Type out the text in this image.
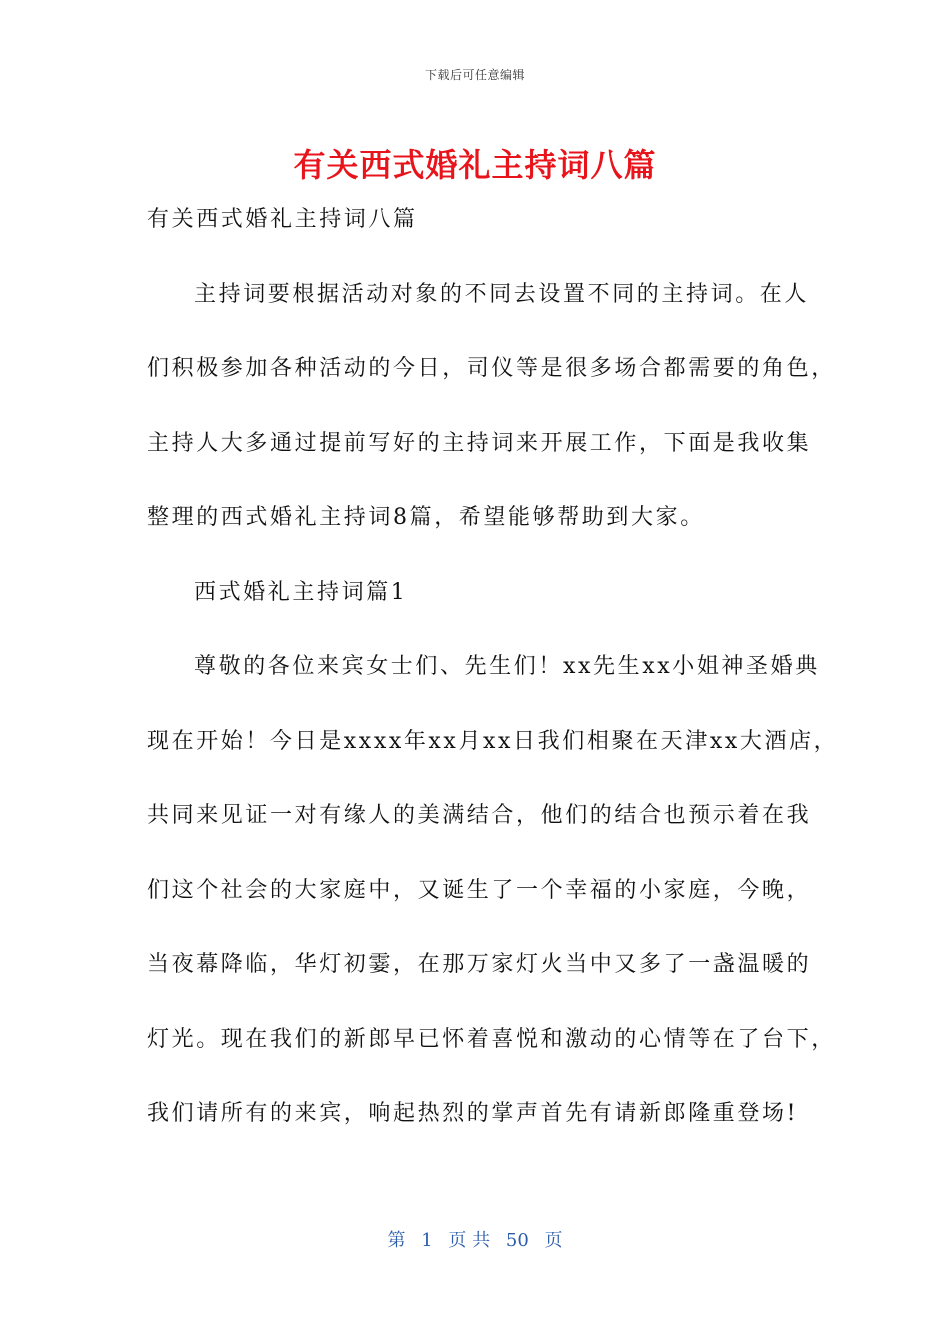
下载后可任意编辑
有关西式婚礼主持词八篇
有关西式婚礼主持词八篇
主持词要根据活动对象的不同去设置不同的主持词。在人
们积极参加各种活动的今日，司仪等是很多场合都需要的角色，
主持人大多通过提前写好的主持词来开展工作，下面是我收集
整理的西式婚礼主持词8篇，希望能够帮助到大家。
西式婚礼主持词篇1
尊敬的各位来宾女士们、先生们！xx先生xx小姐神圣婚典
现在开始！今日是xxxx年xx月xx日我们相聚在天津xx大酒店，
共同来见证一对有缘人的美满结合，他们的结合也预示着在我
们这个社会的大家庭中，又诞生了一个幸福的小家庭，今晚，
当夜幕降临，华灯初霎，在那万家灯火当中又多了一盏温暖的
灯光。现在我们的新郎早已怀着喜悦和激动的心情等在了台下，
我们请所有的来宾，响起热烈的掌声首先有请新郎隆重登场!
第 1 页 共 50 页
